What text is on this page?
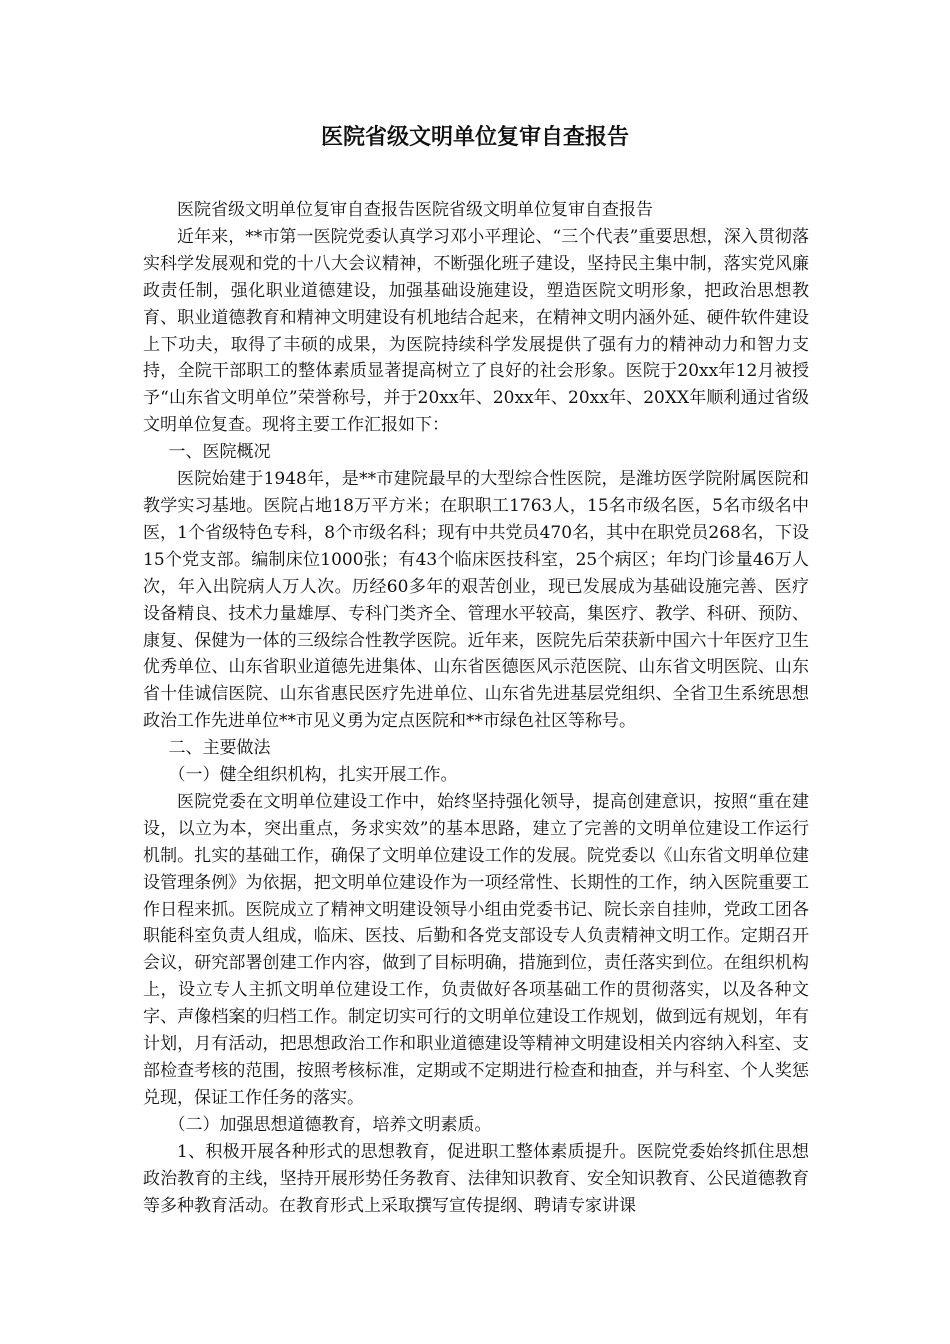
医院省级文明单位复审自查报告

医院省级文明单位复审自查报告医院省级文明单位复审自查报告

近年来，**市第一医院党委认真学习邓小平理论、“三个代表”重要思想，深入贯彻落实科学发展观和党的十八大会议精神，不断强化班子建设，坚持民主集中制，落实党风廉政责任制，强化职业道德建设，加强基础设施建设，塑造医院文明形象，把政治思想教育、职业道德教育和精神文明建设有机地结合起来，在精神文明内涵外延、硬件软件建设上下功夫，取得了丰硕的成果，为医院持续科学发展提供了强有力的精神动力和智力支持，全院干部职工的整体素质显著提高树立了良好的社会形象。医院于20xx年12月被授予“山东省文明单位”荣誉称号，并于20xx年、20xx年、20xx年、20XX年顺利通过省级文明单位复查。现将主要工作汇报如下：

一、医院概况

医院始建于1948年，是**市建院最早的大型综合性医院，是潍坊医学院附属医院和教学实习基地。医院占地18万平方米；在职职工1763人，15名市级名医，5名市级名中医，1个省级特色专科，8个市级名科；现有中共党员470名，其中在职党员268名，下设15个党支部。编制床位1000张；有43个临床医技科室，25个病区；年均门诊量46万人次，年入出院病人万人次。历经60多年的艰苦创业，现已发展成为基础设施完善、医疗设备精良、技术力量雄厚、专科门类齐全、管理水平较高，集医疗、教学、科研、预防、康复、保健为一体的三级综合性教学医院。近年来，医院先后荣获新中国六十年医疗卫生优秀单位、山东省职业道德先进集体、山东省医德医风示范医院、山东省文明医院、山东省十佳诚信医院、山东省惠民医疗先进单位、山东省先进基层党组织、全省卫生系统思想政治工作先进单位**市见义勇为定点医院和**市绿色社区等称号。

二、主要做法

（一）健全组织机构，扎实开展工作。

医院党委在文明单位建设工作中，始终坚持强化领导，提高创建意识，按照“重在建设，以立为本，突出重点，务求实效”的基本思路，建立了完善的文明单位建设工作运行机制。扎实的基础工作，确保了文明单位建设工作的发展。院党委以《山东省文明单位建设管理条例》为依据，把文明单位建设作为一项经常性、长期性的工作，纳入医院重要工作日程来抓。医院成立了精神文明建设领导小组由党委书记、院长亲自挂帅，党政工团各职能科室负责人组成，临床、医技、后勤和各党支部设专人负责精神文明工作。定期召开会议，研究部署创建工作内容，做到了目标明确，措施到位，责任落实到位。在组织机构上，设立专人主抓文明单位建设工作，负责做好各项基础工作的贯彻落实，以及各种文字、声像档案的归档工作。制定切实可行的文明单位建设工作规划，做到远有规划，年有计划，月有活动，把思想政治工作和职业道德建设等精神文明建设相关内容纳入科室、支部检查考核的范围，按照考核标准，定期或不定期进行检查和抽查，并与科室、个人奖惩兑现，保证工作任务的落实。

（二）加强思想道德教育，培养文明素质。

1、积极开展各种形式的思想教育，促进职工整体素质提升。医院党委始终抓住思想政治教育的主线，坚持开展形势任务教育、法律知识教育、安全知识教育、公民道德教育等多种教育活动。在教育形式上采取撰写宣传提纲、聘请专家讲课
